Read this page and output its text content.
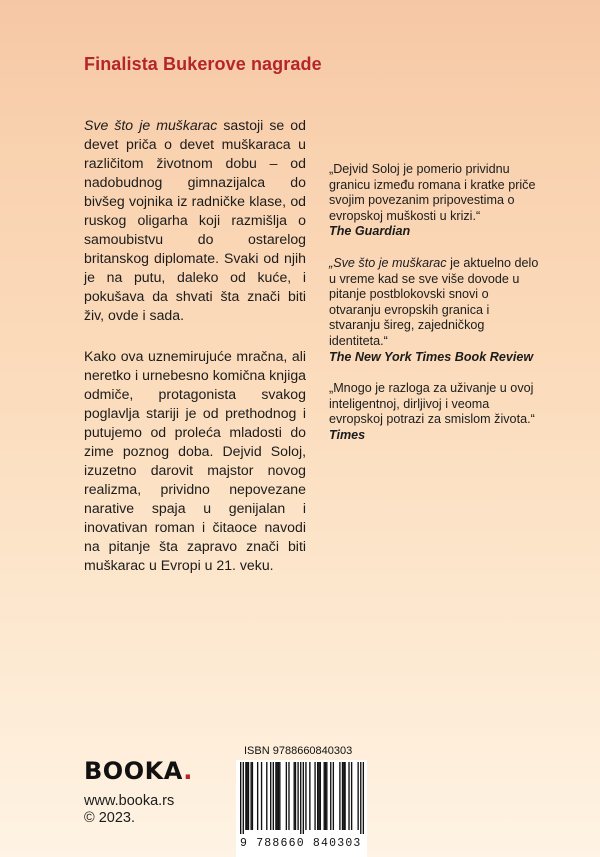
Finalista Bukerove nagrade

Sve što je muškarac sastoji se od devet priča o devet muškaraca u različitom životnom dobu – od nadobudnog gimnazijalca do bivšeg vojnika iz radničke klase, od ruskog oligarha koji razmišlja o samoubistvu do ostarelog britanskog diplomate. Svaki od njih je na putu, daleko od kuće, i pokušava da shvati šta znači biti živ, ovde i sada.

Kako ova uznemirujuće mračna, ali neretko i urnebesno komična knjiga odmiče, protagonista svakog poglavlja stariji je od prethodnog i putujemo od proleća mladosti do zime poznog doba. Dejvid Soloj, izuzetno darovit majstor novog realizma, prividno nepovezane narative spaja u genijalan i inovativan roman i čitaoce navodi na pitanje šta zapravo znači biti muškarac u Evropi u 21. veku.

„Dejvid Soloj je pomerio prividnu granicu između romana i kratke priče svojim povezanim pripovestima o evropskoj muškosti u krizi.“
The Guardian
„Sve što je muškarac je aktuelno delo u vreme kad se sve više dovode u pitanje postblokovski snovi o otvaranju evropskih granica i stvaranju šireg, zajedničkog identiteta.“
The New York Times Book Review
„Mnogo je razloga za uživanje u ovoj inteligentnoj, dirljivoj i veoma evropskoj potrazi za smislom života.“
Times
BOOKA.
www.booka.rs
© 2023.
ISBN 9788660840303
9 788660 840303
